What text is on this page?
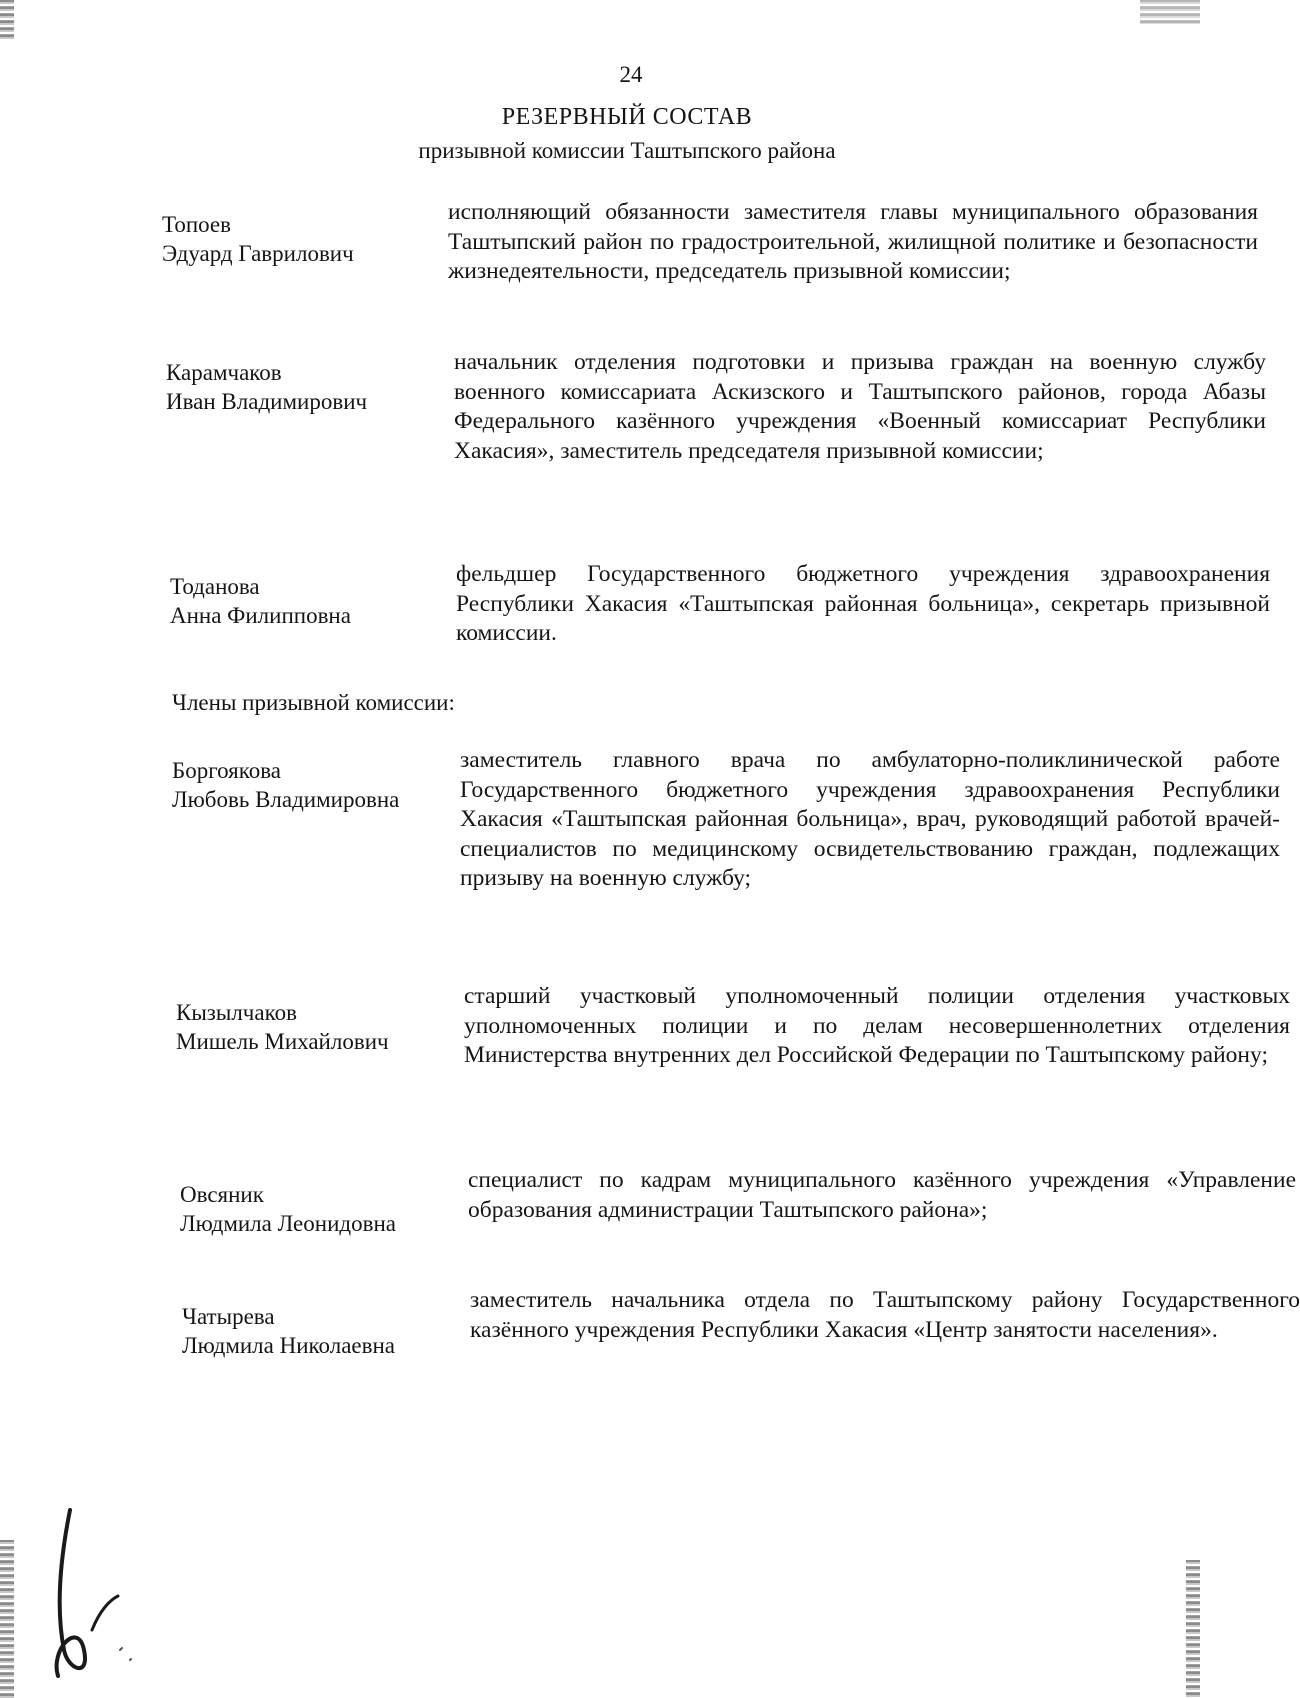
24
РЕЗЕРВНЫЙ СОСТАВ
призывной комиссии Таштыпского района
Топоев
Эдуард Гаврилович
исполняющий обязанности заместителя главы муниципального образования Таштыпский район по градостроительной, жилищной политике и безопасности жизнедеятельности, председатель призывной комиссии;
Карамчаков
Иван Владимирович
начальник отделения подготовки и призыва граждан на военную службу военного комиссариата Аскизского и Таштыпского районов, города Абазы Федерального казённого учреждения «Военный комиссариат Республики Хакасия», заместитель председателя призывной комиссии;
Тоданова
Анна Филипповна
фельдшер Государственного бюджетного учреждения здравоохранения Республики Хакасия «Таштыпская районная больница», секретарь призывной комиссии.
Члены призывной комиссии:
Боргоякова
Любовь Владимировна
заместитель главного врача по амбулаторно-поликлинической работе Государственного бюджетного учреждения здравоохранения Республики Хакасия «Таштыпская районная больница», врач, руководящий работой врачей-специалистов по медицинскому освидетельствованию граждан, подлежащих призыву на военную службу;
Кызылчаков
Мишель Михайлович
старший участковый уполномоченный полиции отделения участковых уполномоченных полиции и по делам несовершеннолетних отделения Министерства внутренних дел Российской Федерации по Таштыпскому району;
Овсяник
Людмила Леонидовна
специалист по кадрам муниципального казённого учреждения «Управление образования администрации Таштыпского района»;
Чатырева
Людмила Николаевна
заместитель начальника отдела по Таштыпскому району Государственного казённого учреждения Республики Хакасия «Центр занятости населения».
